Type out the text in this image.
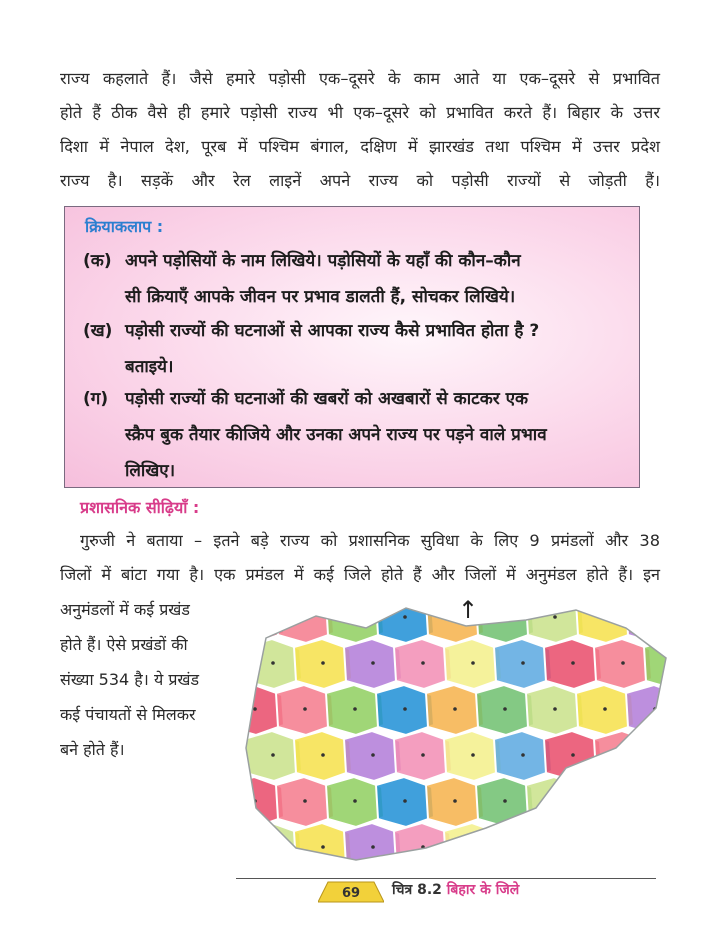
राज्य कहलाते हैं। जैसे हमारे पड़ोसी एक–दूसरे के काम आते या एक–दूसरे से प्रभावित
होते हैं ठीक वैसे ही हमारे पड़ोसी राज्य भी एक–दूसरे को प्रभावित करते हैं। बिहार के उत्तर
दिशा में नेपाल देश, पूरब में पश्चिम बंगाल, दक्षिण में झारखंड तथा पश्चिम में उत्तर प्रदेश
राज्य है। सड़कें और रेल लाइनें अपने राज्य को पड़ोसी राज्यों से जोड़ती हैं।
क्रियाकलाप :
(क) अपने पड़ोसियों के नाम लिखिये। पड़ोसियों के यहाँ की कौन–कौन
सी क्रियाएँ आपके जीवन पर प्रभाव डालती हैं, सोचकर लिखिये।
(ख) पड़ोसी राज्यों की घटनाओं से आपका राज्य कैसे प्रभावित होता है ?
बताइये।
(ग) पड़ोसी राज्यों की घटनाओं की खबरों को अखबारों से काटकर एक
स्क्रैप बुक तैयार कीजिये और उनका अपने राज्य पर पड़ने वाले प्रभाव
लिखिए।
प्रशासनिक सीढ़ियाँ :
गुरुजी ने बताया – इतने बड़े राज्य को प्रशासनिक सुविधा के लिए 9 प्रमंडलों और 38
जिलों में बांटा गया है। एक प्रमंडल में कई जिले होते हैं और जिलों में अनुमंडल होते हैं। इन
अनुमंडलों में कई प्रखंड
होते हैं। ऐसे प्रखंडों की
संख्या 534 है। ये प्रखंड
कई पंचायतों से मिलकर
बने होते हैं।
↑
69	चित्र 8.2 बिहार के जिले
